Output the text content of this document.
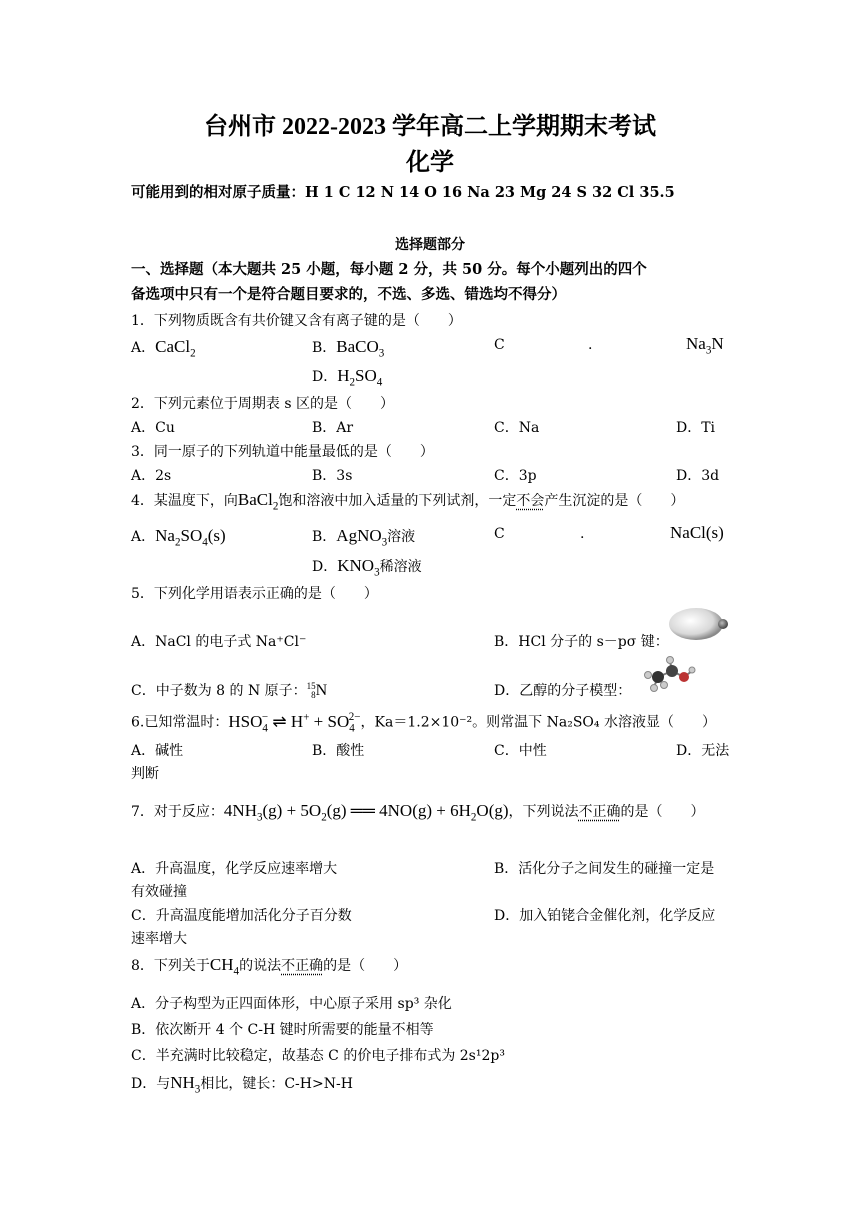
台州市 2022-2023 学年高二上学期期末考试
化学
可能用到的相对原子质量：H 1 C 12 N 14 O 16 Na 23 Mg 24 S 32 Cl 35.5
选择题部分
一、选择题（本大题共 25 小题，每小题 2 分，共 50 分。每个小题列出的四个
备选项中只有一个是符合题目要求的，不选、多选、错选均不得分）
1．下列物质既含有共价键又含有离子键的是（　　）
A．CaCl$_2$	B．BaCO$_3$
C	.	$Na_3N$
D．$H_2SO_4$
2．下列元素位于周期表 s 区的是（　　）
A．Cu	B．Ar	C．Na	D．Ti
3．同一原子的下列轨道中能量最低的是（　　）
A．2s	B．3s	C．3p	D．3d
4．某温度下，向BaCl$_2$饱和溶液中加入适量的下列试剂，一定不会产生沉淀的是（　　）
A．$Na_2SO_4(s)$	B．AgNO$_3$溶液	C	.	NaCl(s)
D．$KNO_3$稀溶液
5．下列化学用语表示正确的是（　　）
A．NaCl 的电子式 Na⁺Cl⁻	B．HCl 分子的 s－pσ 键：
C．中子数为 8 的 N 原子：15
8N	D．乙醇的分子模型：
6.已知常温时：$HSO_4^-$ ⇌ $H^+ + SO_4^{2-}$，Ka＝1.2×10⁻²。则常温下 Na₂SO₄ 水溶液显（　　）
A．碱性	B．酸性	C．中性	D．无法
判断
7．对于反应：$4NH_3(g) + 5O_2(g)$ ══ $4NO(g) + 6H_2O(g)$，下列说法不正确的是（　　）
A．升高温度，化学反应速率增大	B．活化分子之间发生的碰撞一定是
有效碰撞
C．升高温度能增加活化分子百分数	D．加入铂铑合金催化剂，化学反应
速率增大
8．下列关于$CH_4$的说法不正确的是（　　）
A．分子构型为正四面体形，中心原子采用 sp³ 杂化
B．依次断开 4 个 C-H 键时所需要的能量不相等
C．半充满时比较稳定，故基态 C 的价电子排布式为 2s¹2p³
D．与$NH_3$相比，键长：C-H>N-H
